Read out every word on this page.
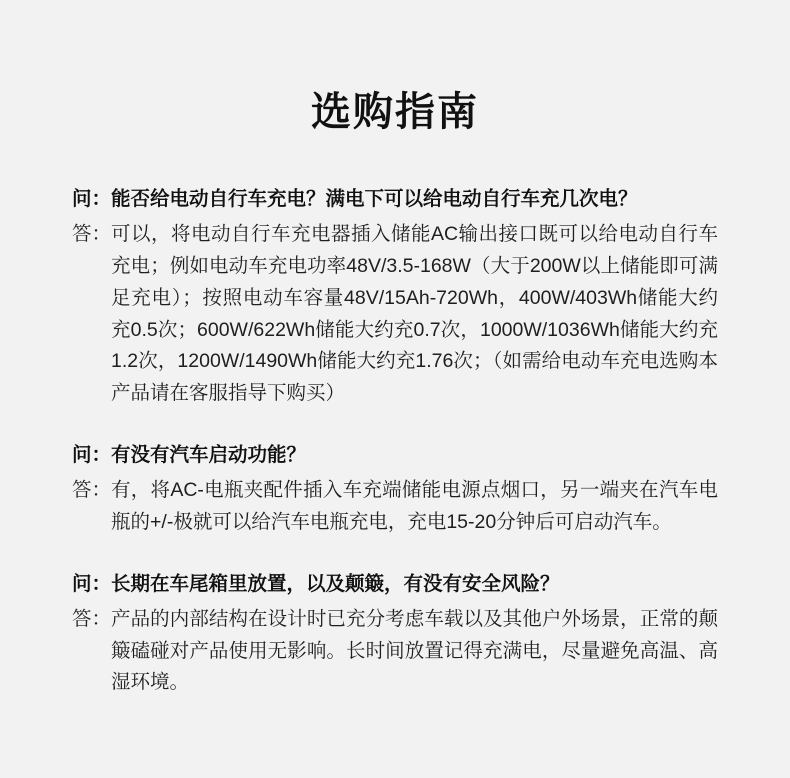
选购指南
问： 能否给电动自行车充电？满电下可以给电动自行车充几次电？
答： 可以，将电动自行车充电器插入储能AC输出接口既可以给电动自行车充电；例如电动车充电功率48V/3.5-168W（大于200W以上储能即可满足充电）；按照电动车容量48V/15Ah-720Wh，400W/403Wh储能大约充0.5次；600W/622Wh储能大约充0.7次，1000W/1036Wh储能大约充1.2次，1200W/1490Wh储能大约充1.76次；（如需给电动车充电选购本产品请在客服指导下购买）
问： 有没有汽车启动功能？
答： 有，将AC-电瓶夹配件插入车充端储能电源点烟口，另一端夹在汽车电瓶的+/-极就可以给汽车电瓶充电，充电15-20分钟后可启动汽车。
问： 长期在车尾箱里放置，以及颠簸，有没有安全风险？
答： 产品的内部结构在设计时已充分考虑车载以及其他户外场景，正常的颠簸磕碰对产品使用无影响。长时间放置记得充满电，尽量避免高温、高湿环境。
